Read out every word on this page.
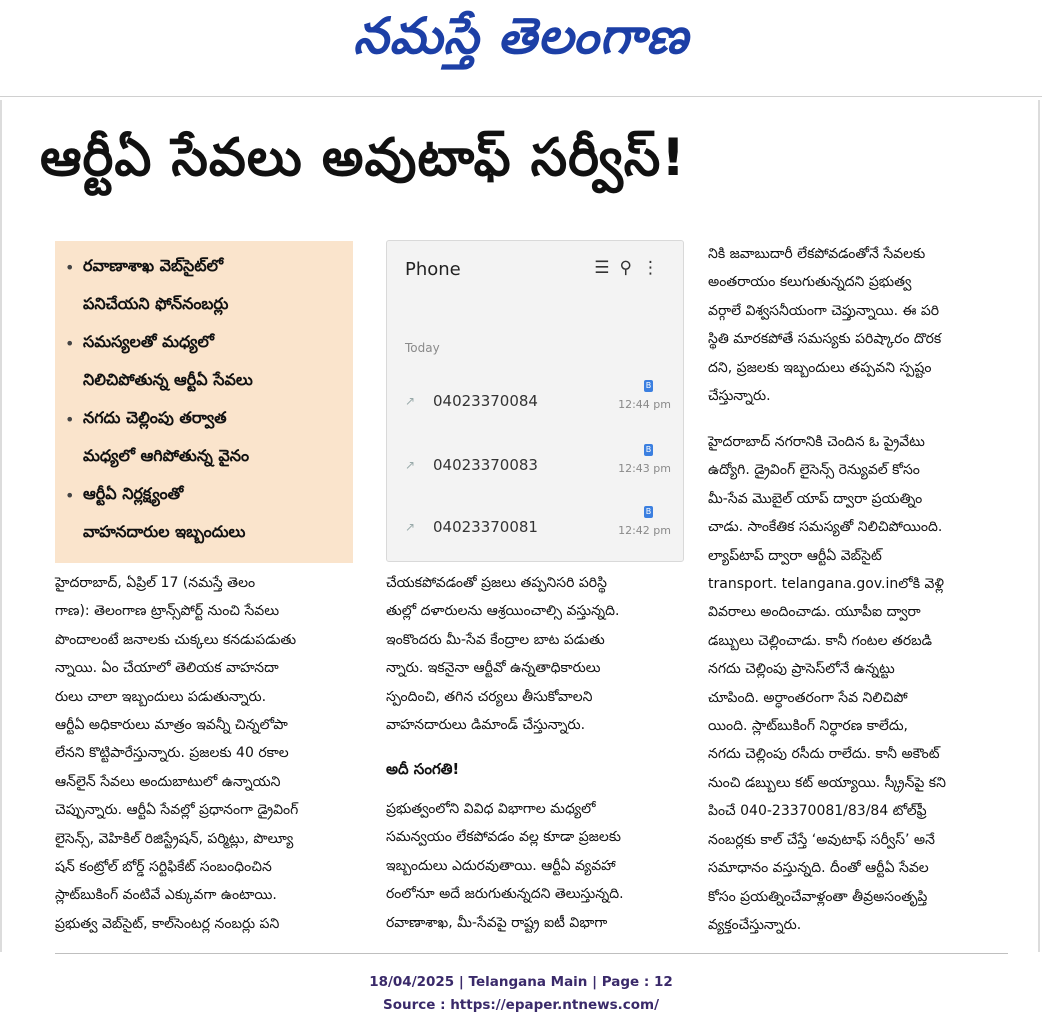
నమస్తే తెలంగాణ
ఆర్టీఏ సేవలు అవుటాఫ్ సర్వీస్!
• రవాణాశాఖ వెబ్‌సైట్‌లో
పనిచేయని ఫోన్‌నంబర్లు
• సమస్యలతో మధ్యలో
నిలిచిపోతున్న ఆర్టీఏ సేవలు
• నగదు చెల్లింపు తర్వాత
మధ్యలో ఆగిపోతున్న వైనం
• ఆర్టీఏ నిర్లక్ష్యంతో
వాహనదారుల ఇబ్బందులు
Phone	☰⚲⋮
Today
↗ 04023370084
B
12:44 pm
↗ 04023370083
B
12:43 pm
↗ 04023370081
B
12:42 pm

హైదరాబాద్, ఏప్రిల్ 17 (నమస్తే తెలం

గాణ): తెలంగాణ ట్రాన్స్‌పోర్ట్ నుంచి సేవలు

పొందాలంటే జనాలకు చుక్కలు కనడుపడుతు

న్నాయి. ఏం చేయాలో తెలియక వాహనదా

రులు చాలా ఇబ్బందులు పడుతున్నారు.

ఆర్టీఏ అధికారులు మాత్రం ఇవన్నీ చిన్నలోపా

లేనని కొట్టిపారేస్తున్నారు. ప్రజలకు 40 రకాల

ఆన్‌లైన్ సేవలు అందుబాటులో ఉన్నాయని

చెప్పున్నారు. ఆర్టీఏ సేవల్లో ప్రధానంగా డ్రైవింగ్

లైసెన్స్, వెహికిల్ రిజిస్ట్రేషన్, పర్మిట్లు, పొల్యూ

షన్ కంట్రోల్ బోర్డ్ సర్టిఫికేట్ సంబంధించిన

స్లాట్‌బుకింగ్ వంటివే ఎక్కువగా ఉంటాయి.

ప్రభుత్వ వెబ్‌సైట్, కాల్‌సెంటర్ల నంబర్లు పని

చేయకపోవడంతో ప్రజలు తప్పనిసరి పరిస్థి

తుల్లో దళారులను ఆశ్రయించాల్సి వస్తున్నది.

ఇంకొందరు మీ-సేవ కేంద్రాల బాట పడుతు

న్నారు. ఇకనైనా ఆర్టీవో ఉన్నతాధికారులు

స్పందించి, తగిన చర్యలు తీసుకోవాలని

వాహనదారులు డిమాండ్ చేస్తున్నారు.

అదీ సంగతి!

ప్రభుత్వంలోని వివిధ విభాగాల మధ్యలో

సమన్వయం లేకపోవడం వల్ల కూడా ప్రజలకు

ఇబ్బందులు ఎదురవుతాయి. ఆర్టీఏ వ్యవహా

రంలోనూ అదే జరుగుతున్నదని తెలుస్తున్నది.

రవాణాశాఖ, మీ-సేవపై రాష్ట్ర ఐటీ విభాగా

నికి జవాబుదారీ లేకపోవడంతోనే సేవలకు

అంతరాయం కలుగుతున్నదని ప్రభుత్వ

వర్గాలే విశ్వసనీయంగా చెప్తున్నాయి. ఈ పరి

స్థితి మారకపోతే సమస్యకు పరిష్కారం దొరక

దని, ప్రజలకు ఇబ్బందులు తప్పవని స్పష్టం

చేస్తున్నారు.

హైదరాబాద్ నగరానికి చెందిన ఓ ప్రైవేటు

ఉద్యోగి. డ్రైవింగ్ లైసెన్స్ రెన్యువల్ కోసం

మీ-సేవ మొబైల్ యాప్ ద్వారా ప్రయత్నిం

చాడు. సాంకేతిక సమస్యతో నిలిచిపోయింది.

ల్యాప్‌టాప్ ద్వారా ఆర్టీఏ వెబ్‌సైట్

transport. telangana.gov.inలోకి వెళ్లి

వివరాలు అందించాడు. యూపీఐ ద్వారా

డబ్బులు చెల్లించాడు. కానీ గంటల తరబడి

నగదు చెల్లింపు ప్రాసెస్‌లోనే ఉన్నట్టు

చూపింది. అర్ధాంతరంగా సేవ నిలిచిపో

యింది. స్లాట్‌బుకింగ్ నిర్ధారణ కాలేదు,

నగదు చెల్లింపు రసీదు రాలేదు. కానీ అకౌంట్

నుంచి డబ్బులు కట్ అయ్యాయి. స్క్రీన్‌పై కని

పించే 040-23370081/83/84 టోల్‌ఫ్రీ

నంబర్లకు కాల్ చేస్తే ‘అవుటాఫ్ సర్వీస్’ అనే

సమాధానం వస్తున్నది. దీంతో ఆర్టీఏ సేవల

కోసం ప్రయత్నించేవాళ్లంతా తీవ్రఅసంతృప్తి

వ్యక్తంచేస్తున్నారు.

18/04/2025 | Telangana Main | Page : 12
Source : https://epaper.ntnews.com/
